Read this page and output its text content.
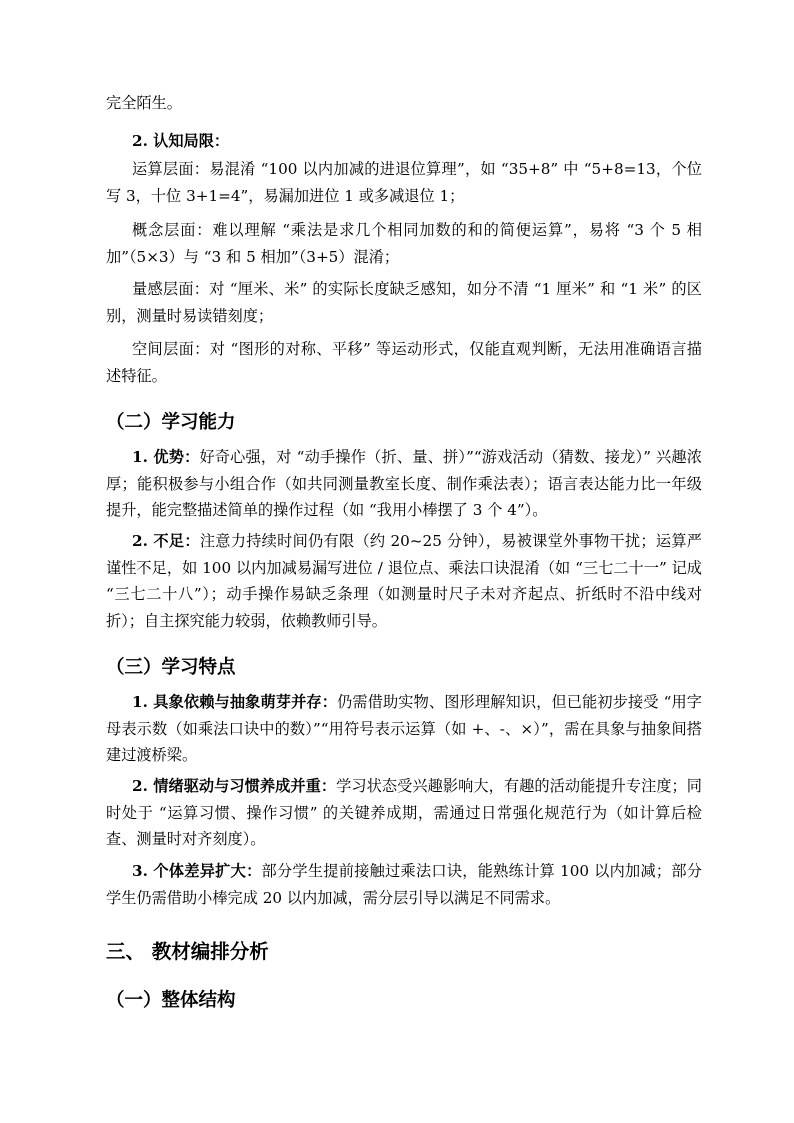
完全陌生。

2. 认知局限：

运算层面：易混淆 “100 以内加减的进退位算理”，如 “35+8” 中 “5+8=13，个位写 3，十位 3+1=4”，易漏加进位 1 或多减退位 1；

概念层面：难以理解 “乘法是求几个相同加数的和的简便运算”，易将 “3 个 5 相加”（5×3）与 “3 和 5 相加”（3+5）混淆；

量感层面：对 “厘米、米” 的实际长度缺乏感知，如分不清 “1 厘米” 和 “1 米” 的区别，测量时易读错刻度；

空间层面：对 “图形的对称、平移” 等运动形式，仅能直观判断，无法用准确语言描述特征。

（二）学习能力

1. 优势：好奇心强，对 “动手操作（折、量、拼）”“游戏活动（猜数、接龙）” 兴趣浓厚；能积极参与小组合作（如共同测量教室长度、制作乘法表）；语言表达能力比一年级提升，能完整描述简单的操作过程（如 “我用小棒摆了 3 个 4”）。

2. 不足：注意力持续时间仍有限（约 20~25 分钟），易被课堂外事物干扰；运算严谨性不足，如 100 以内加减易漏写进位 / 退位点、乘法口诀混淆（如 “三七二十一” 记成 “三七二十八”）；动手操作易缺乏条理（如测量时尺子未对齐起点、折纸时不沿中线对折）；自主探究能力较弱，依赖教师引导。

（三）学习特点

1. 具象依赖与抽象萌芽并存：仍需借助实物、图形理解知识，但已能初步接受 “用字母表示数（如乘法口诀中的数）”“用符号表示运算（如 +、-、×）”，需在具象与抽象间搭建过渡桥梁。

2. 情绪驱动与习惯养成并重：学习状态受兴趣影响大，有趣的活动能提升专注度；同时处于 “运算习惯、操作习惯” 的关键养成期，需通过日常强化规范行为（如计算后检查、测量时对齐刻度）。

3. 个体差异扩大：部分学生提前接触过乘法口诀，能熟练计算 100 以内加减；部分学生仍需借助小棒完成 20 以内加减，需分层引导以满足不同需求。

三、 教材编排分析
（一）整体结构
